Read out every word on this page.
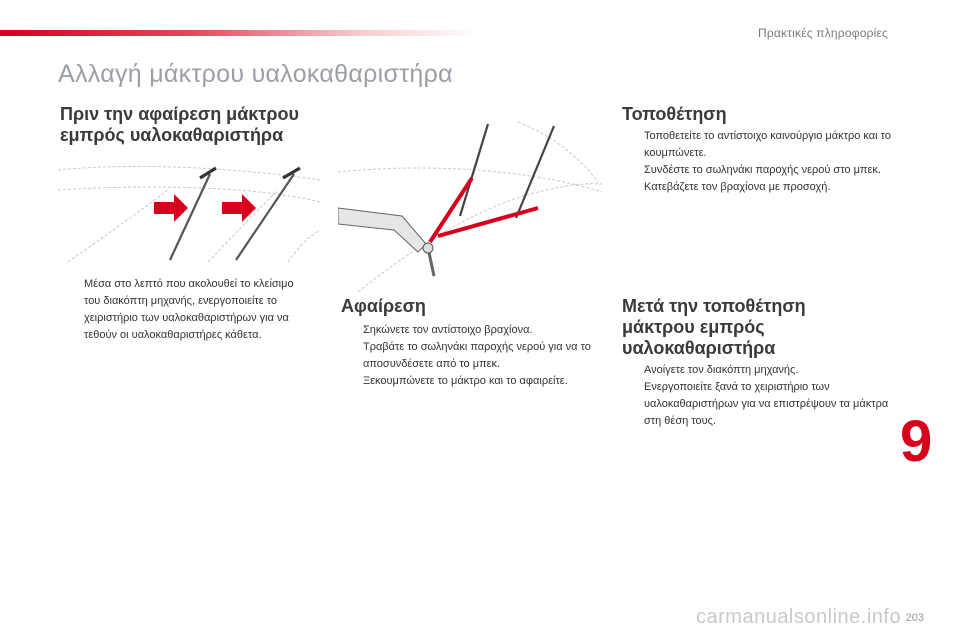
Πρακτικές πληροφορίες
Αλλαγή μάκτρου υαλοκαθαριστήρα
Πριν την αφαίρεση μάκτρου
εμπρός υαλοκαθαριστήρα
Μέσα στο λεπτό που ακολουθεί το κλείσιμο του διακόπτη μηχανής, ενεργοποιείτε το χειριστήριο των υαλοκαθαριστήρων για να τεθούν οι υαλοκαθαριστήρες κάθετα.
Αφαίρεση
Σηκώνετε τον αντίστοιχο βραχίονα.
Τραβάτε το σωληνάκι παροχής νερού για να το αποσυνδέσετε από το μπεκ.
Ξεκουμπώνετε το μάκτρο και το αφαιρείτε.
Τοποθέτηση
Τοποθετείτε το αντίστοιχο καινούργιο μάκτρο και το κουμπώνετε.
Συνδέστε το σωληνάκι παροχής νερού στο μπεκ.
Κατεβάζετε τον βραχίονα με προσοχή.
Μετά την τοποθέτηση
μάκτρου εμπρός
υαλοκαθαριστήρα
Ανοίγετε τον διακόπτη μηχανής.
Ενεργοποιείτε ξανά το χειριστήριο των υαλοκαθαριστήρων για να επιστρέψουν τα μάκτρα στη θέση τους.	9
carmanualsonline.info 203
